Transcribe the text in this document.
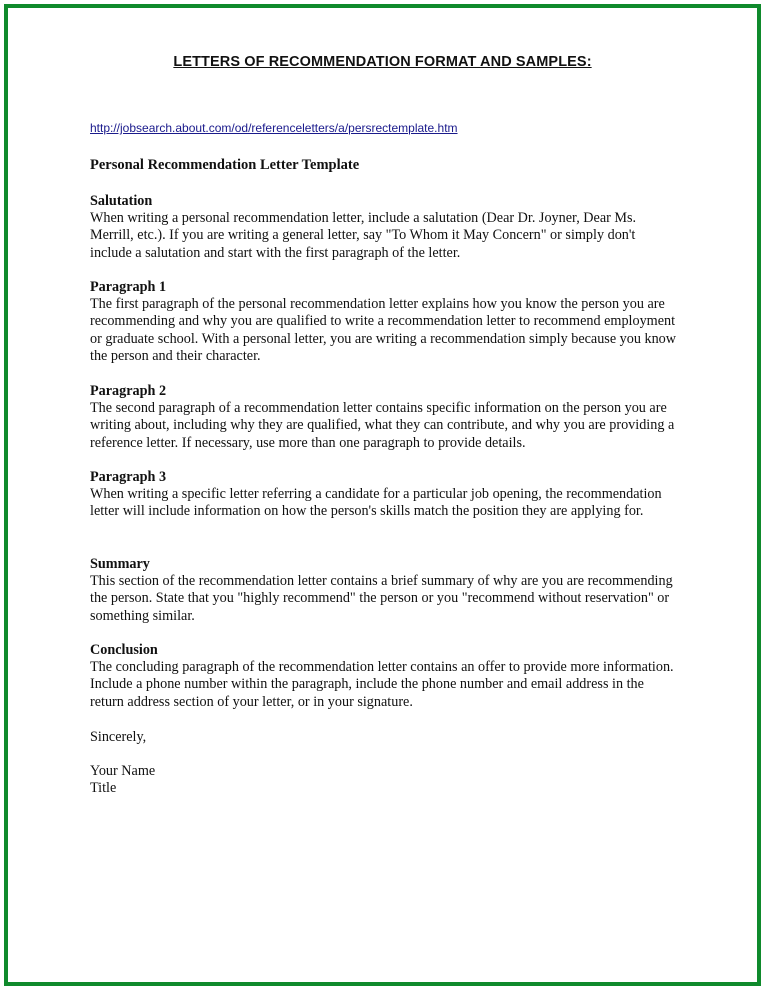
LETTERS OF RECOMMENDATION FORMAT AND SAMPLES:
http://jobsearch.about.com/od/referenceletters/a/persrectemplate.htm
Personal Recommendation Letter Template
Salutation
When writing a personal recommendation letter, include a salutation (Dear Dr. Joyner, Dear Ms. Merrill, etc.). If you are writing a general letter, say "To Whom it May Concern" or simply don't include a salutation and start with the first paragraph of the letter.
Paragraph 1
The first paragraph of the personal recommendation letter explains how you know the person you are recommending and why you are qualified to write a recommendation letter to recommend employment or graduate school. With a personal letter, you are writing a recommendation simply because you know the person and their character.
Paragraph 2
The second paragraph of a recommendation letter contains specific information on the person you are writing about, including why they are qualified, what they can contribute, and why you are providing a reference letter. If necessary, use more than one paragraph to provide details.
Paragraph 3
When writing a specific letter referring a candidate for a particular job opening, the recommendation letter will include information on how the person's skills match the position they are applying for.
Summary
This section of the recommendation letter contains a brief summary of why are you are recommending the person. State that you "highly recommend" the person or you "recommend without reservation" or something similar.
Conclusion
The concluding paragraph of the recommendation letter contains an offer to provide more information. Include a phone number within the paragraph, include the phone number and email address in the return address section of your letter, or in your signature.
Sincerely,
Your Name
Title
